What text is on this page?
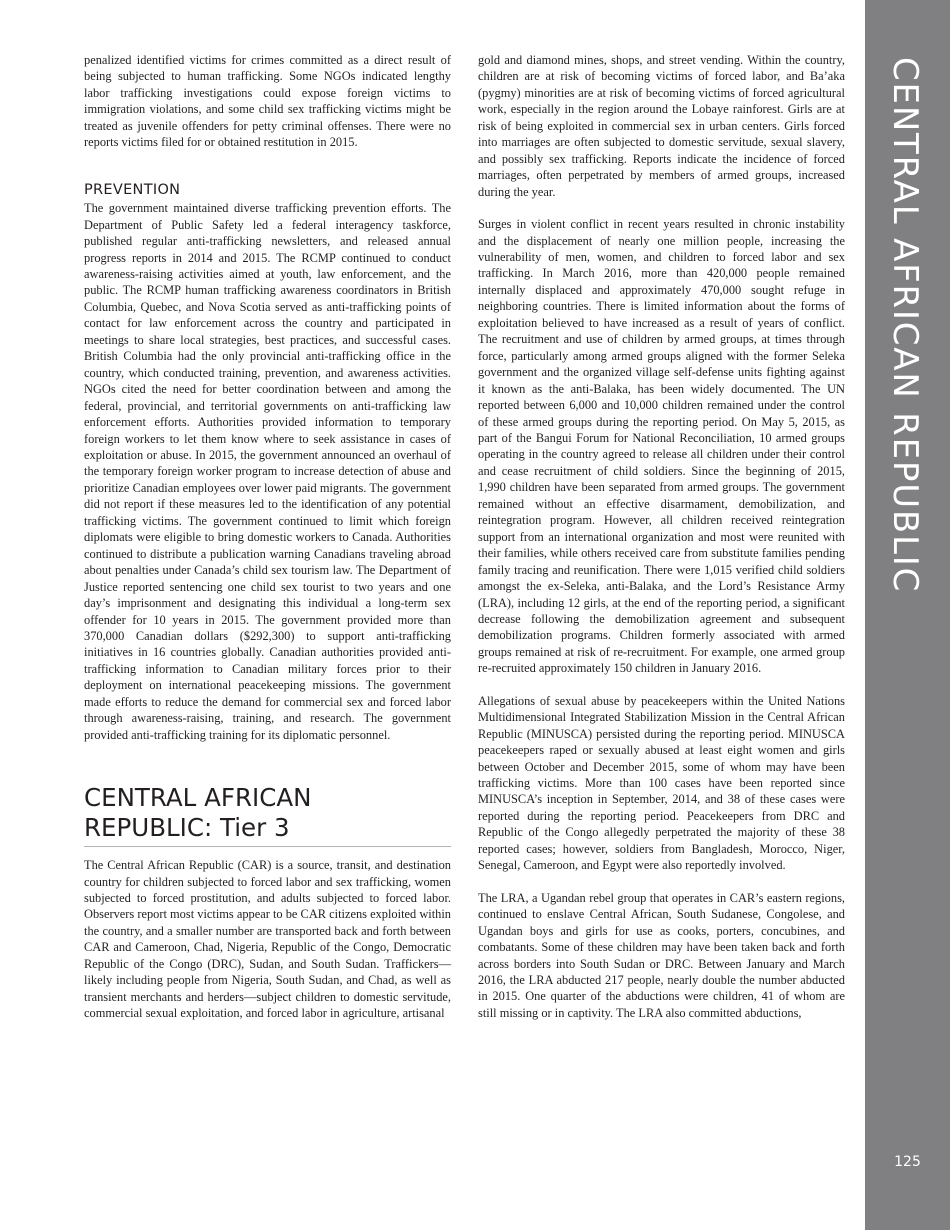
penalized identified victims for crimes committed as a direct result of being subjected to human trafficking. Some NGOs indicated lengthy labor trafficking investigations could expose foreign victims to immigration violations, and some child sex trafficking victims might be treated as juvenile offenders for petty criminal offenses. There were no reports victims filed for or obtained restitution in 2015.

PREVENTION

The government maintained diverse trafficking prevention efforts. The Department of Public Safety led a federal interagency taskforce, published regular anti-trafficking newsletters, and released annual progress reports in 2014 and 2015. The RCMP continued to conduct awareness-raising activities aimed at youth, law enforcement, and the public. The RCMP human trafficking awareness coordinators in British Columbia, Quebec, and Nova Scotia served as anti-trafficking points of contact for law enforcement across the country and participated in meetings to share local strategies, best practices, and successful cases. British Columbia had the only provincial anti-trafficking office in the country, which conducted training, prevention, and awareness activities. NGOs cited the need for better coordination between and among the federal, provincial, and territorial governments on anti-trafficking law enforcement efforts. Authorities provided information to temporary foreign workers to let them know where to seek assistance in cases of exploitation or abuse. In 2015, the government announced an overhaul of the temporary foreign worker program to increase detection of abuse and prioritize Canadian employees over lower paid migrants. The government did not report if these measures led to the identification of any potential trafficking victims. The government continued to limit which foreign diplomats were eligible to bring domestic workers to Canada. Authorities continued to distribute a publication warning Canadians traveling abroad about penalties under Canada’s child sex tourism law. The Department of Justice reported sentencing one child sex tourist to two years and one day’s imprisonment and designating this individual a long-term sex offender for 10 years in 2015. The government provided more than 370,000 Canadian dollars ($292,300) to support anti-trafficking initiatives in 16 countries globally. Canadian authorities provided anti-trafficking information to Canadian military forces prior to their deployment on international peacekeeping missions. The government made efforts to reduce the demand for commercial sex and forced labor through awareness-raising, training, and research. The government provided anti-trafficking training for its diplomatic personnel.

CENTRAL AFRICAN
REPUBLIC: Tier 3

The Central African Republic (CAR) is a source, transit, and destination country for children subjected to forced labor and sex trafficking, women subjected to forced prostitution, and adults subjected to forced labor. Observers report most victims appear to be CAR citizens exploited within the country, and a smaller number are transported back and forth between CAR and Cameroon, Chad, Nigeria, Republic of the Congo, Democratic Republic of the Congo (DRC), Sudan, and South Sudan. Traffickers—likely including people from Nigeria, South Sudan, and Chad, as well as transient merchants and herders—subject children to domestic servitude, commercial sexual exploitation, and forced labor in agriculture, artisanal

gold and diamond mines, shops, and street vending. Within the country, children are at risk of becoming victims of forced labor, and Ba’aka (pygmy) minorities are at risk of becoming victims of forced agricultural work, especially in the region around the Lobaye rainforest. Girls are at risk of being exploited in commercial sex in urban centers. Girls forced into marriages are often subjected to domestic servitude, sexual slavery, and possibly sex trafficking. Reports indicate the incidence of forced marriages, often perpetrated by members of armed groups, increased during the year.

Surges in violent conflict in recent years resulted in chronic instability and the displacement of nearly one million people, increasing the vulnerability of men, women, and children to forced labor and sex trafficking. In March 2016, more than 420,000 people remained internally displaced and approximately 470,000 sought refuge in neighboring countries. There is limited information about the forms of exploitation believed to have increased as a result of years of conflict. The recruitment and use of children by armed groups, at times through force, particularly among armed groups aligned with the former Seleka government and the organized village self-defense units fighting against it known as the anti-Balaka, has been widely documented. The UN reported between 6,000 and 10,000 children remained under the control of these armed groups during the reporting period. On May 5, 2015, as part of the Bangui Forum for National Reconciliation, 10 armed groups operating in the country agreed to release all children under their control and cease recruitment of child soldiers. Since the beginning of 2015, 1,990 children have been separated from armed groups. The government remained without an effective disarmament, demobilization, and reintegration program. However, all children received reintegration support from an international organization and most were reunited with their families, while others received care from substitute families pending family tracing and reunification. There were 1,015 verified child soldiers amongst the ex-Seleka, anti-Balaka, and the Lord’s Resistance Army (LRA), including 12 girls, at the end of the reporting period, a significant decrease following the demobilization agreement and subsequent demobilization programs. Children formerly associated with armed groups remained at risk of re-recruitment. For example, one armed group re-recruited approximately 150 children in January 2016.

Allegations of sexual abuse by peacekeepers within the United Nations Multidimensional Integrated Stabilization Mission in the Central African Republic (MINUSCA) persisted during the reporting period. MINUSCA peacekeepers raped or sexually abused at least eight women and girls between October and December 2015, some of whom may have been trafficking victims. More than 100 cases have been reported since MINUSCA’s inception in September, 2014, and 38 of these cases were reported during the reporting period. Peacekeepers from DRC and Republic of the Congo allegedly perpetrated the majority of these 38 reported cases; however, soldiers from Bangladesh, Morocco, Niger, Senegal, Cameroon, and Egypt were also reportedly involved.

The LRA, a Ugandan rebel group that operates in CAR’s eastern regions, continued to enslave Central African, South Sudanese, Congolese, and Ugandan boys and girls for use as cooks, porters, concubines, and combatants. Some of these children may have been taken back and forth across borders into South Sudan or DRC. Between January and March 2016, the LRA abducted 217 people, nearly double the number abducted in 2015. One quarter of the abductions were children, 41 of whom are still missing or in captivity. The LRA also committed abductions,

CENTRAL AFRICAN REPUBLIC
125
